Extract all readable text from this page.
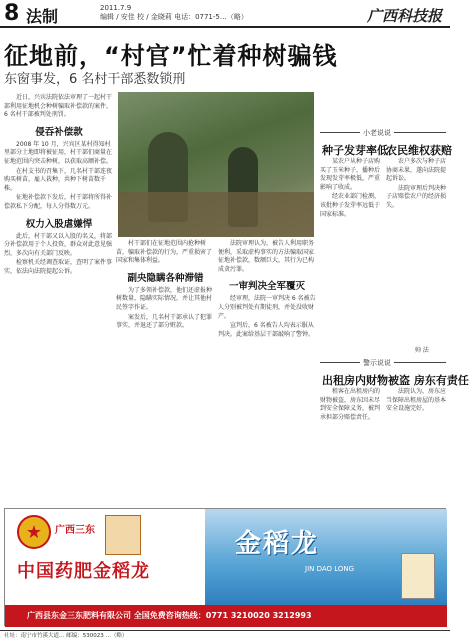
8 法制	2011.7.9
编辑 / 安佳 校 / 金晓莉 电话：0771-5…（略）	广西科技报
征地前，“村官”忙着种树骗钱
东窗事发，6 名村干部悉数锁刑

近日，兴宾法院依法审理了一起村干部利用征地机会种树骗取补偿款的案件，6 名村干部被判处刑罚。

侵吞补偿款

2008 年 10 月，兴宾区某村得知村里部分土地即将被征用，村干部们商量在征地范围内突击种树，以获取高额补偿。

在村支书的召集下，几名村干部连夜购买树苗，雇人栽种，共种下树苗数千株。

征地补偿款下发后，村干部将所得补偿款私下分配，每人分得数万元。

权力入股虐嫌悍

此后，村干部又以入股的名义，将部分补偿款用于个人投资，群众对此意见强烈，多次向有关部门反映。

检察机关经调查取证，查明了案件事实，依法向法院提起公诉。

村干部们在征地范围内抢种树苗，骗取补偿款的行为，严重损害了国家和集体利益。

副央隐瞒各种滞错

为了多领补偿款，他们还虚报种树数量，隐瞒实际情况，并让其他村民签字作证。

案发后，几名村干部承认了犯罪事实，并退还了部分赃款。

法院审理认为，被告人利用职务便利，采取虚构事实的方法骗取国家征地补偿款，数额巨大，其行为已构成贪污罪。

一审判决全军覆灭

经审理，法院一审判决 6 名被告人分别被判处有期徒刑，并处没收财产。

宣判后，6 名被告人均表示服从判决。此案给基层干部敲响了警钟。

小老说说
种子发芽率低
农民维权获赔

某农户从种子店购买了玉米种子，播种后发现发芽率极低，严重影响了收成。

经农业部门检测，该批种子发芽率远低于国家标准。

农户多次与种子店协商未果，遂向法院提起诉讼。

法院审理后判决种子店赔偿农户的经济损失。

帅 法
警示说说
出租房内财物被盗 房东有责任

租客在出租房内的财物被盗，房东因未尽到安全保障义务，被判承担部分赔偿责任。

法院认为，房东应当保障出租房屋的基本安全设施完好。

★	广西三东
中国药肥金稻龙
金稻龙
JIN DAO LONG
广西县东金三东肥料有限公司 全国免费咨询热线：0771 3210020 3212993
社址：南宁市竹溪大道… 邮编：530023 …（略）
